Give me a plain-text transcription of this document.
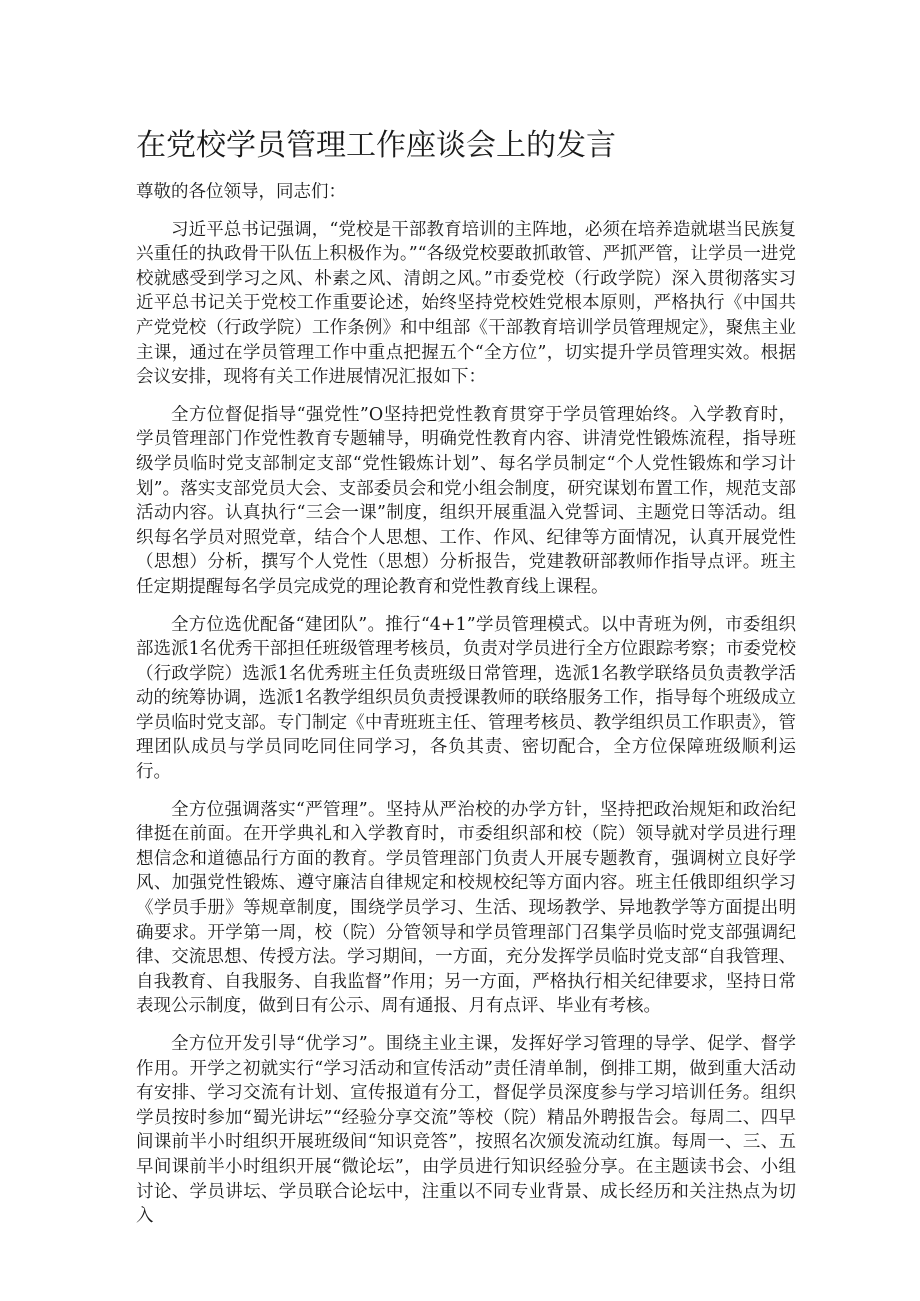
在党校学员管理工作座谈会上的发言

尊敬的各位领导，同志们：

习近平总书记强调，“党校是干部教育培训的主阵地，必须在培养造就堪当民族复兴重任的执政骨干队伍上积极作为。”“各级党校要敢抓敢管、严抓严管，让学员一进党校就感受到学习之风、朴素之风、清朗之风。”市委党校（行政学院）深入贯彻落实习近平总书记关于党校工作重要论述，始终坚持党校姓党根本原则，严格执行《中国共产党党校（行政学院）工作条例》和中组部《干部教育培训学员管理规定》，聚焦主业主课，通过在学员管理工作中重点把握五个“全方位”，切实提升学员管理实效。根据会议安排，现将有关工作进展情况汇报如下：

全方位督促指导“强党性”O坚持把党性教育贯穿于学员管理始终。入学教育时，学员管理部门作党性教育专题辅导，明确党性教育内容、讲清党性锻炼流程，指导班级学员临时党支部制定支部“党性锻炼计划”、每名学员制定“个人党性锻炼和学习计划”。落实支部党员大会、支部委员会和党小组会制度，研究谋划布置工作，规范支部活动内容。认真执行“三会一课”制度，组织开展重温入党誓词、主题党日等活动。组织每名学员对照党章，结合个人思想、工作、作风、纪律等方面情况，认真开展党性（思想）分析，撰写个人党性（思想）分析报告，党建教研部教师作指导点评。班主任定期提醒每名学员完成党的理论教育和党性教育线上课程。

全方位选优配备“建团队”。推行“4+1”学员管理模式。以中青班为例，市委组织部选派1名优秀干部担任班级管理考核员，负责对学员进行全方位跟踪考察；市委党校（行政学院）选派1名优秀班主任负责班级日常管理，选派1名教学联络员负责教学活动的统筹协调，选派1名教学组织员负责授课教师的联络服务工作，指导每个班级成立学员临时党支部。专门制定《中青班班主任、管理考核员、教学组织员工作职责》，管理团队成员与学员同吃同住同学习，各负其责、密切配合，全方位保障班级顺利运行。

全方位强调落实“严管理”。坚持从严治校的办学方针，坚持把政治规矩和政治纪律挺在前面。在开学典礼和入学教育时，市委组织部和校（院）领导就对学员进行理想信念和道德品行方面的教育。学员管理部门负责人开展专题教育，强调树立良好学风、加强党性锻炼、遵守廉洁自律规定和校规校纪等方面内容。班主任俄即组织学习《学员手册》等规章制度，围绕学员学习、生活、现场教学、异地教学等方面提出明确要求。开学第一周，校（院）分管领导和学员管理部门召集学员临时党支部强调纪律、交流思想、传授方法。学习期间，一方面，充分发挥学员临时党支部“自我管理、自我教育、自我服务、自我监督”作用；另一方面，严格执行相关纪律要求，坚持日常表现公示制度，做到日有公示、周有通报、月有点评、毕业有考核。

全方位开发引导“优学习”。围绕主业主课，发挥好学习管理的导学、促学、督学作用。开学之初就实行“学习活动和宣传活动”责任清单制，倒排工期，做到重大活动有安排、学习交流有计划、宣传报道有分工，督促学员深度参与学习培训任务。组织学员按时参加“蜀光讲坛”“经验分享交流”等校（院）精品外聘报告会。每周二、四早间课前半小时组织开展班级间“知识竞答”，按照名次颁发流动红旗。每周一、三、五早间课前半小时组织开展“微论坛”，由学员进行知识经验分享。在主题读书会、小组讨论、学员讲坛、学员联合论坛中，注重以不同专业背景、成长经历和关注热点为切入
